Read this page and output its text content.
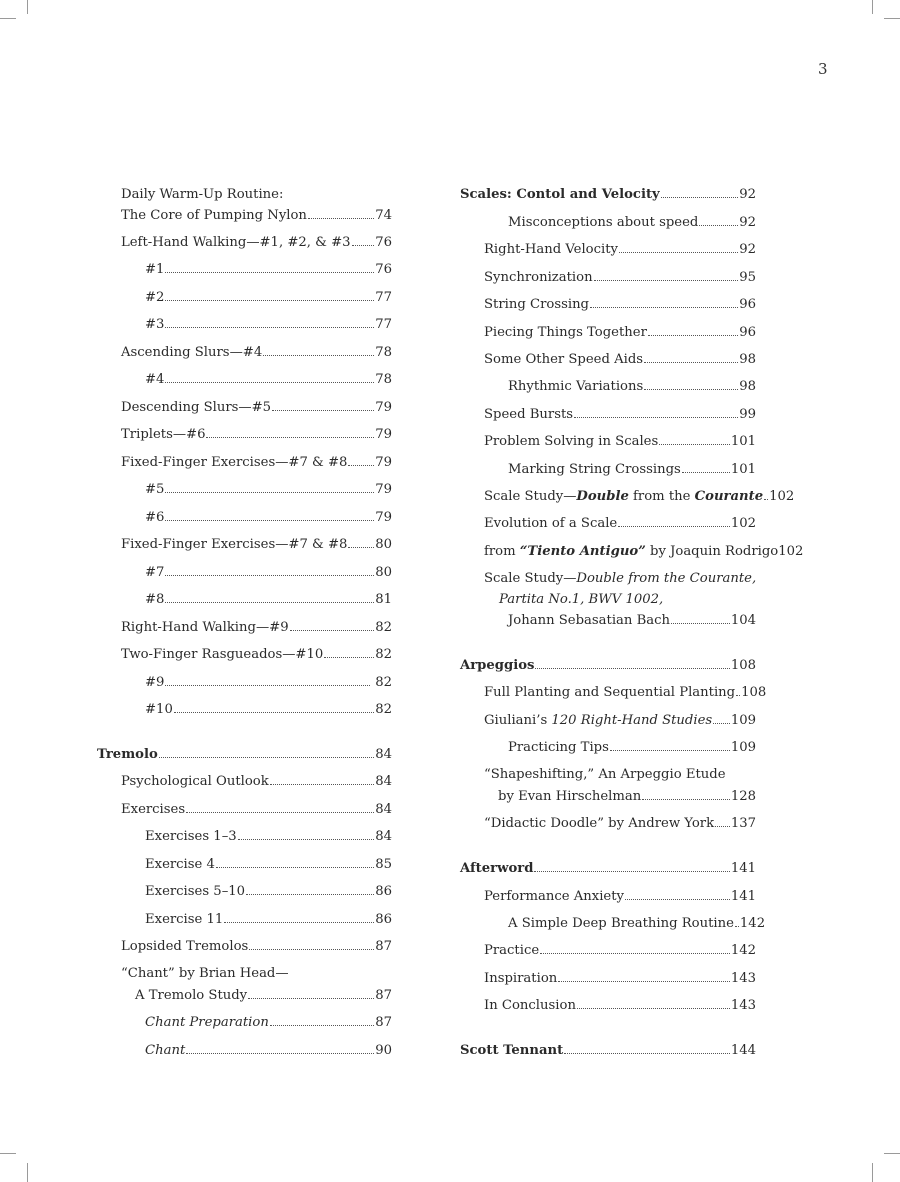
3
Daily Warm-Up Routine:
The Core of Pumping Nylon	74
Left-Hand Walking—#1, #2, & #3 76
#1	76
#2	77
#3	77
Ascending Slurs—#4	78
#4	78
Descending Slurs—#5	79
Triplets—#6	79
Fixed-Finger Exercises—#7 & #8 79
#5	79
#6	79
Fixed-Finger Exercises—#7 & #8 80
#7	80
#8	81
Right-Hand Walking—#9	82
Two-Finger Rasgueados—#10	82
#9	82
#10	82
Tremolo	84
Psychological Outlook	84
Exercises	84
Exercises 1–3	84
Exercise 4	85
Exercises 5–10	86
Exercise 11	86
Lopsided Tremolos	87
“Chant” by Brian Head—
A Tremolo Study	87
Chant Preparation	87
Chant	90
Scales: Contol and Velocity	92
Misconceptions about speed	92
Right-Hand Velocity	92
Synchronization	95
String Crossing	96
Piecing Things Together	96
Some Other Speed Aids	98
Rhythmic Variations	98
Speed Bursts	99
Problem Solving in Scales	101
Marking String Crossings	101
Scale Study—Double from the Courante 102
Evolution of a Scale	102
from “Tiento Antiguo” by Joaquin Rodrigo 102
Scale Study—Double from the Courante,
Partita No.1, BWV 1002,
Johann Sebasatian Bach	104
Arpeggios	108
Full Planting and Sequential Planting 108
Giuliani’s 120 Right-Hand Studies 109
Practicing Tips	109
“Shapeshifting,” An Arpeggio Etude
by Evan Hirschelman	128
“Didactic Doodle” by Andrew York 137
Afterword	141
Performance Anxiety	141
A Simple Deep Breathing Routine 142
Practice	142
Inspiration	143
In Conclusion	143
Scott Tennant	144
